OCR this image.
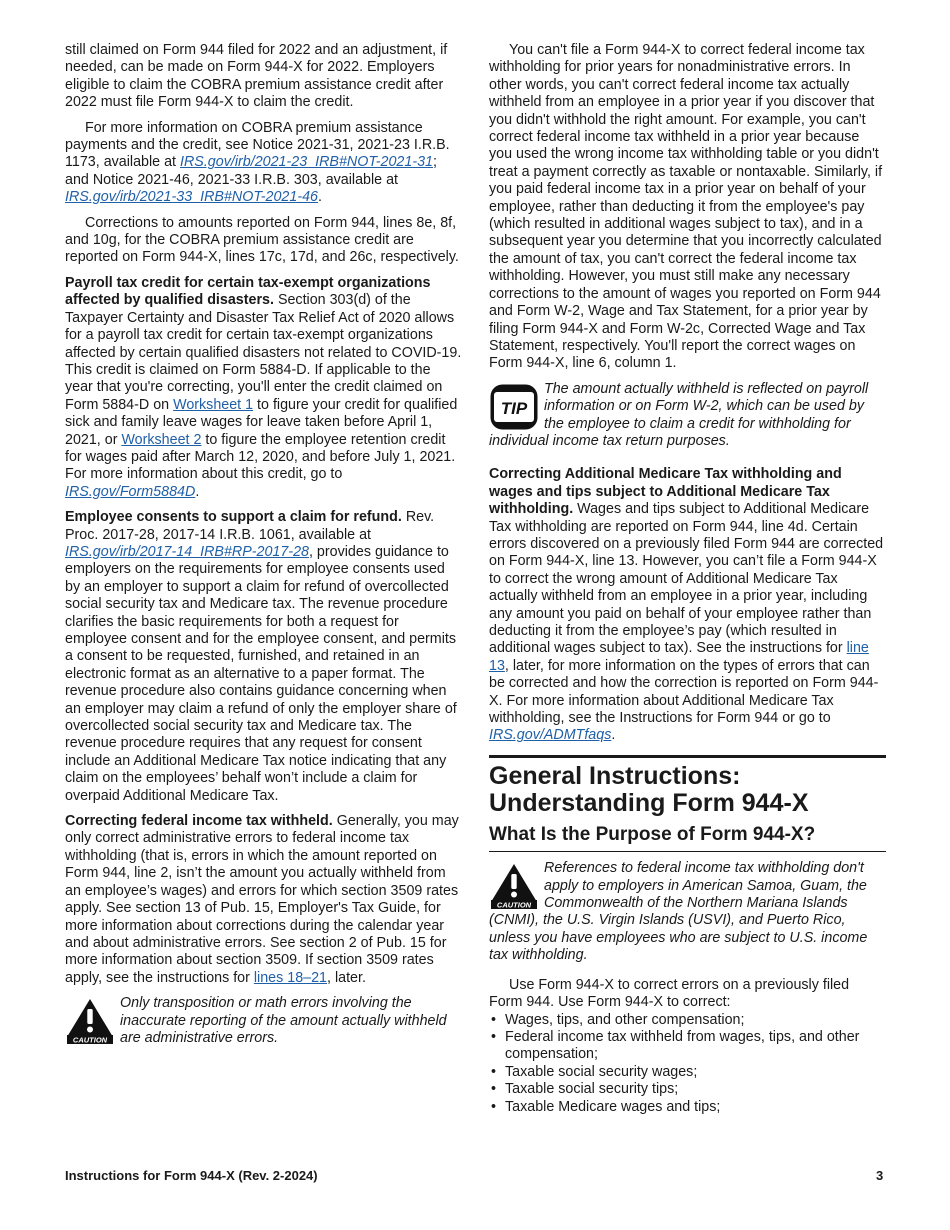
still claimed on Form 944 filed for 2022 and an adjustment, if needed, can be made on Form 944-X for 2022. Employers eligible to claim the COBRA premium assistance credit after 2022 must file Form 944-X to claim the credit.

For more information on COBRA premium assistance payments and the credit, see Notice 2021-31, 2021-23 I.R.B. 1173, available at IRS.gov/irb/2021-23_IRB#NOT-2021-31; and Notice 2021-46, 2021-33 I.R.B. 303, available at IRS.gov/irb/2021-33_IRB#NOT-2021-46.

Corrections to amounts reported on Form 944, lines 8e, 8f, and 10g, for the COBRA premium assistance credit are reported on Form 944-X, lines 17c, 17d, and 26c, respectively.

Payroll tax credit for certain tax-exempt organizations affected by qualified disasters. Section 303(d) of the Taxpayer Certainty and Disaster Tax Relief Act of 2020 allows for a payroll tax credit for certain tax-exempt organizations affected by certain qualified disasters not related to COVID-19. This credit is claimed on Form 5884-D. If applicable to the year that you're correcting, you'll enter the credit claimed on Form 5884-D on Worksheet 1 to figure your credit for qualified sick and family leave wages for leave taken before April 1, 2021, or Worksheet 2 to figure the employee retention credit for wages paid after March 12, 2020, and before July 1, 2021. For more information about this credit, go to IRS.gov/Form5884D.

Employee consents to support a claim for refund. Rev. Proc. 2017-28, 2017-14 I.R.B. 1061, available at IRS.gov/irb/2017-14_IRB#RP-2017-28, provides guidance to employers on the requirements for employee consents used by an employer to support a claim for refund of overcollected social security tax and Medicare tax. The revenue procedure clarifies the basic requirements for both a request for employee consent and for the employee consent, and permits a consent to be requested, furnished, and retained in an electronic format as an alternative to a paper format. The revenue procedure also contains guidance concerning when an employer may claim a refund of only the employer share of overcollected social security tax and Medicare tax. The revenue procedure requires that any request for consent include an Additional Medicare Tax notice indicating that any claim on the employees’ behalf won’t include a claim for overpaid Additional Medicare Tax.

Correcting federal income tax withheld. Generally, you may only correct administrative errors to federal income tax withholding (that is, errors in which the amount reported on Form 944, line 2, isn’t the amount you actually withheld from an employee’s wages) and errors for which section 3509 rates apply. See section 13 of Pub. 15, Employer's Tax Guide, for more information about corrections during the calendar year and about administrative errors. See section 2 of Pub. 15 for more information about section 3509. If section 3509 rates apply, see the instructions for lines 18–21, later.

CAUTION
Only transposition or math errors involving the inaccurate reporting of the amount actually withheld are administrative errors.

You can't file a Form 944-X to correct federal income tax withholding for prior years for nonadministrative errors. In other words, you can't correct federal income tax actually withheld from an employee in a prior year if you discover that you didn't withhold the right amount. For example, you can't correct federal income tax withheld in a prior year because you used the wrong income tax withholding table or you didn't treat a payment correctly as taxable or nontaxable. Similarly, if you paid federal income tax in a prior year on behalf of your employee, rather than deducting it from the employee's pay (which resulted in additional wages subject to tax), and in a subsequent year you determine that you incorrectly calculated the amount of tax, you can't correct the federal income tax withholding. However, you must still make any necessary corrections to the amount of wages you reported on Form 944 and Form W-2, Wage and Tax Statement, for a prior year by filing Form 944-X and Form W-2c, Corrected Wage and Tax Statement, respectively. You'll report the correct wages on Form 944-X, line 6, column 1.

TIP
The amount actually withheld is reflected on payroll information or on Form W-2, which can be used by the employee to claim a credit for withholding for individual income tax return purposes.

Correcting Additional Medicare Tax withholding and wages and tips subject to Additional Medicare Tax withholding. Wages and tips subject to Additional Medicare Tax withholding are reported on Form 944, line 4d. Certain errors discovered on a previously filed Form 944 are corrected on Form 944-X, line 13. However, you can’t file a Form 944-X to correct the wrong amount of Additional Medicare Tax actually withheld from an employee in a prior year, including any amount you paid on behalf of your employee rather than deducting it from the employee’s pay (which resulted in additional wages subject to tax). See the instructions for line 13, later, for more information on the types of errors that can be corrected and how the correction is reported on Form 944-X. For more information about Additional Medicare Tax withholding, see the Instructions for Form 944 or go to IRS.gov/ADMTfaqs.

General Instructions: Understanding Form 944-X
What Is the Purpose of Form 944-X?
CAUTION
References to federal income tax withholding don't apply to employers in American Samoa, Guam, the Commonwealth of the Northern Mariana Islands (CNMI), the U.S. Virgin Islands (USVI), and Puerto Rico, unless you have employees who are subject to U.S. income tax withholding.

Use Form 944-X to correct errors on a previously filed Form 944. Use Form 944-X to correct:

• Wages, tips, and other compensation;

• Federal income tax withheld from wages, tips, and other compensation;

• Taxable social security wages;

• Taxable social security tips;

• Taxable Medicare wages and tips;

Instructions for Form 944-X (Rev. 2-2024)	3
